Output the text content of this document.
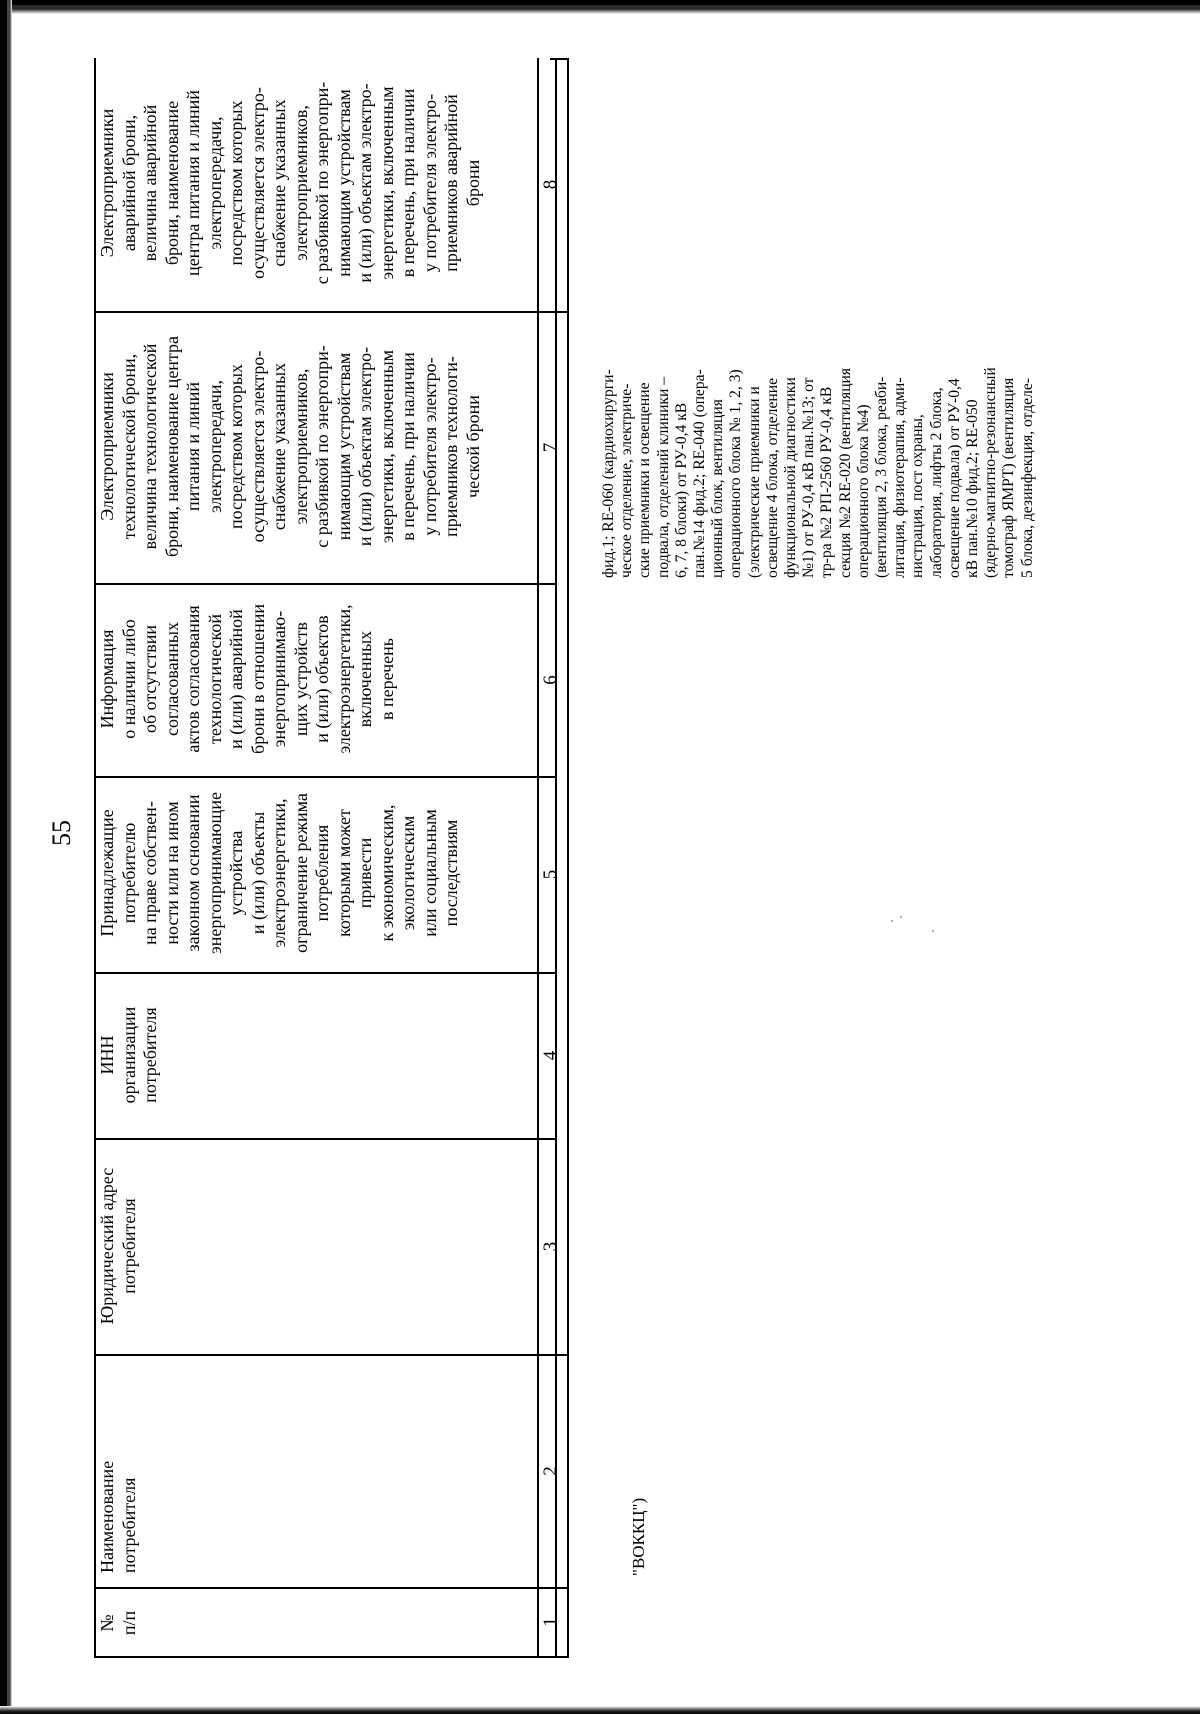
55
№
п/п
Наименование
потребителя
Юридический адрес
потребителя
ИНН
организации
потребителя
Принадлежащие
потребителю
на праве собствен-
ности или на ином
законном основании
энергопринимающие
устройства
и (или) объекты
электроэнергетики,
ограничение режима
потребления
которыми может
привести
к экономическим,
экологическим
или социальным
последствиям
Информация
о наличии либо
об отсутствии
согласованных
актов согласования
технологической
и (или) аварийной
брони в отношении
энергопринимаю-
щих устройств
и (или) объектов
электроэнергетики,
включенных
в перечень
Электроприемники
технологической брони,
величина технологической
брони, наименование центра
питания и линий
электропередачи,
посредством которых
осуществляется электро-
снабжение указанных
электроприемников,
с разбивкой по энергопри-
нимающим устройствам
и (или) объектам электро-
энергетики, включенным
в перечень, при наличии
у потребителя электро-
приемников технологи-
ческой брони
Электроприемники
аварийной брони,
величина аварийной
брони, наименование
центра питания и линий
электропередачи,
посредством которых
осуществляется электро-
снабжение указанных
электроприемников,
с разбивкой по энергопри-
нимающим устройствам
и (или) объектам электро-
энергетики, включенным
в перечень, при наличии
у потребителя электро-
приемников аварийной
брони
1
2
3
4
5
6
7
8
"ВОККЦ")
фид.1; RE-060 (кардиохирурги-
ческое отделение, электриче-
ские приемники и освещение
подвала, отделений клиники –
6, 7, 8 блоки) от РУ-0,4 кВ
пан.№14 фид.2; RE-040 (опера-
ционный блок, вентиляция
операционного блока № 1, 2, 3)
(электрические приемники и
освещение 4 блока, отделение
функциональной диагностики
№1) от РУ-0,4 кВ пан.№13; от
тр-ра №2 РП-2560 РУ-0,4 кВ
секция №2 RE-020 (вентиляция
операционного блока №4)
(вентиляция 2, 3 блока, реаби-
литация, физиотерапия, адми-
нистрация, пост охраны,
лаборатория, лифты 2 блока,
освещение подвала) от РУ-0,4
кВ пан.№10 фид.2; RE-050
(ядерно-магнитно-резонансный
томограф ЯМРТ) (вентиляция
5 блока, дезинфекция, отделе-
